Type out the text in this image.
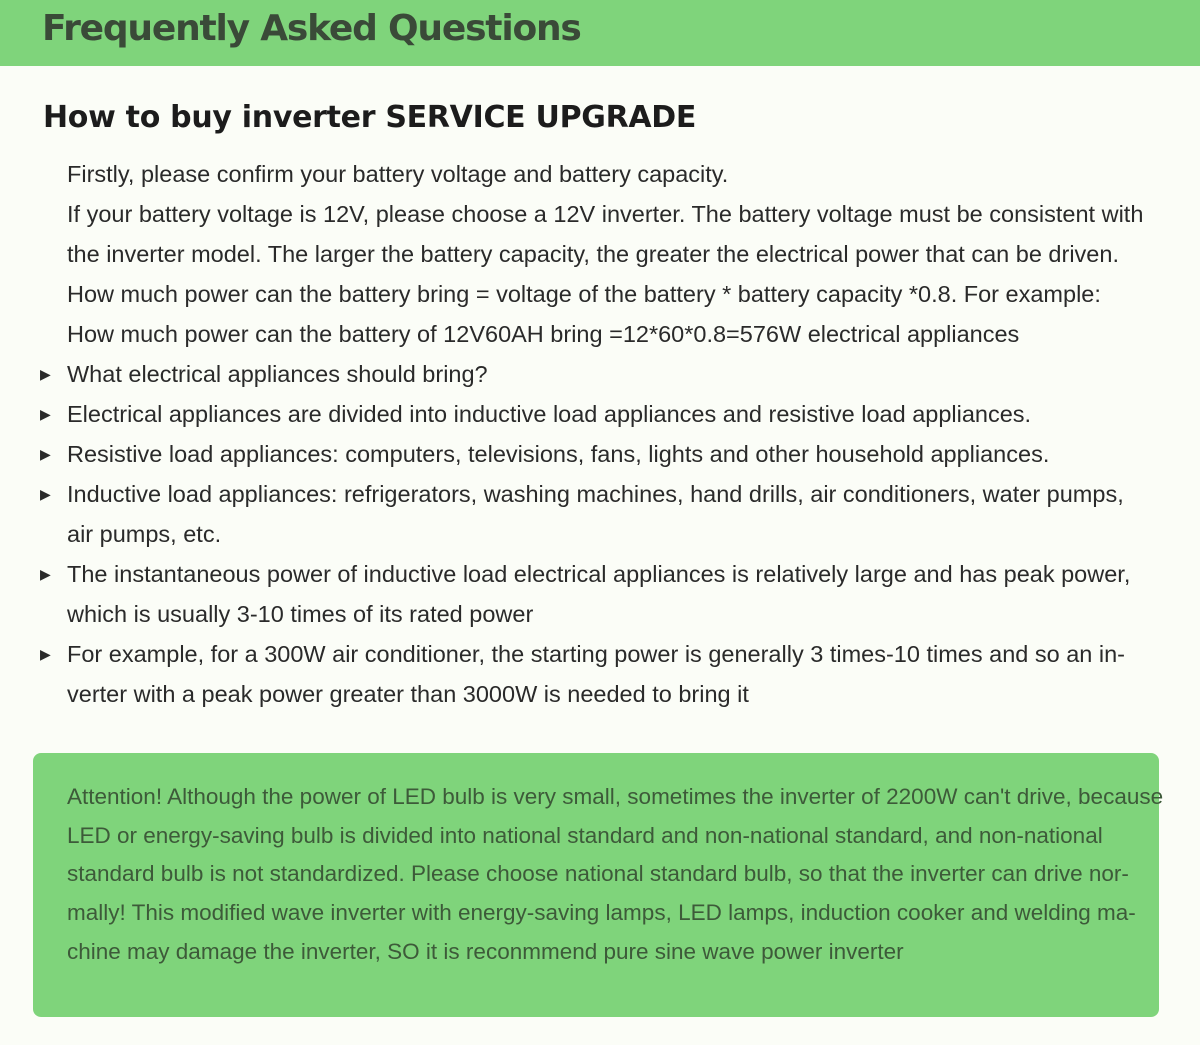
Frequently Asked Questions
How to buy inverter SERVICE UPGRADE

Firstly, please confirm your battery voltage and battery capacity.

If your battery voltage is 12V, please choose a 12V inverter. The battery voltage must be consistent with

the inverter model. The larger the battery capacity, the greater the electrical power that can be driven.

How much power can the battery bring = voltage of the battery * battery capacity *0.8. For example:

How much power can the battery of 12V60AH bring =12*60*0.8=576W electrical appliances

▶ What electrical appliances should bring?
▶ Electrical appliances are divided into inductive load appliances and resistive load appliances.
▶ Resistive load appliances: computers, televisions, fans, lights and other household appliances.
▶ Inductive load appliances: refrigerators, washing machines, hand drills, air conditioners, water pumps,
air pumps, etc.
▶ The instantaneous power of inductive load electrical appliances is relatively large and has peak power,
which is usually 3-10 times of its rated power
▶ For example, for a 300W air conditioner, the starting power is generally 3 times-10 times and so an in-
verter with a peak power greater than 3000W is needed to bring it
Attention! Although the power of LED bulb is very small, sometimes the inverter of 2200W can't drive, because
LED or energy-saving bulb is divided into national standard and non-national standard, and non-national
standard bulb is not standardized. Please choose national standard bulb, so that the inverter can drive nor-
mally! This modified wave inverter with energy-saving lamps, LED lamps, induction cooker and welding ma-
chine may damage the inverter, SO it is reconmmend pure sine wave power inverter
